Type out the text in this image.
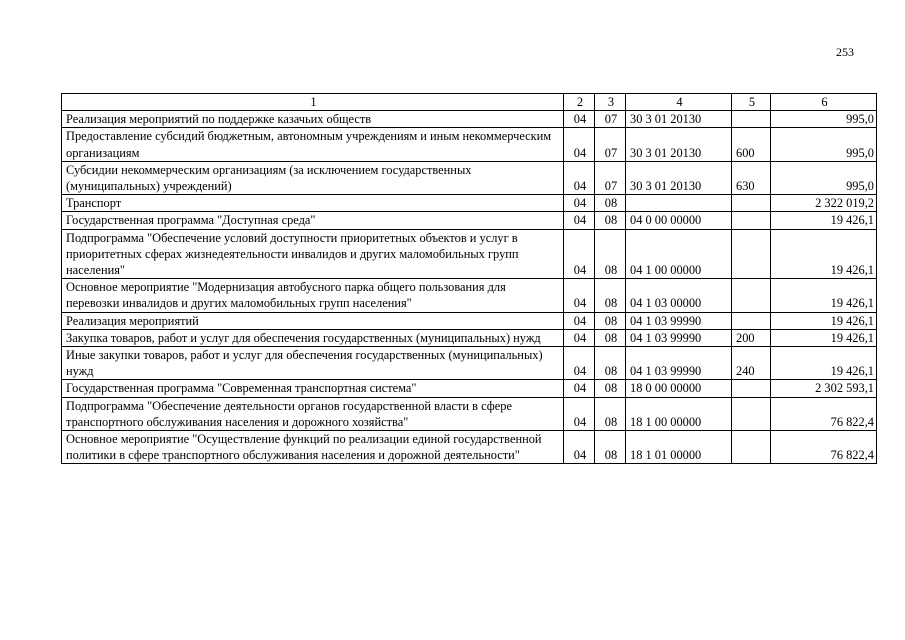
253
1	2	3	4	5	6
Реализация мероприятий по поддержке казачьих обществ	04	07	30 3 01 20130		995,0
Предоставление субсидий бюджетным, автономным учреждениям и иным некоммерческим организациям	04	07	30 3 01 20130	600	995,0
Субсидии некоммерческим организациям (за исключением государственных (муниципальных) учреждений)	04	07	30 3 01 20130	630	995,0
Транспорт	04	08			2 322 019,2
Государственная программа "Доступная среда"	04	08	04 0 00 00000		19 426,1
Подпрограмма "Обеспечение условий доступности приоритетных объектов и услуг в приоритетных сферах жизнедеятельности инвалидов и других маломобильных групп населения"	04	08	04 1 00 00000		19 426,1
Основное мероприятие "Модернизация автобусного парка общего пользования для перевозки инвалидов и других маломобильных групп населения"	04	08	04 1 03 00000		19 426,1
Реализация мероприятий	04	08	04 1 03 99990		19 426,1
Закупка товаров, работ и услуг для обеспечения государственных (муниципальных) нужд	04	08	04 1 03 99990	200	19 426,1
Иные закупки товаров, работ и услуг для обеспечения государственных (муниципальных) нужд	04	08	04 1 03 99990	240	19 426,1
Государственная программа "Современная транспортная система"	04	08	18 0 00 00000		2 302 593,1
Подпрограмма "Обеспечение деятельности органов государственной власти в сфере транспортного обслуживания населения и дорожного хозяйства"	04	08	18 1 00 00000		76 822,4
Основное мероприятие "Осуществление функций по реализации единой государственной политики в сфере транспортного обслуживания населения и дорожной деятельности"	04	08	18 1 01 00000		76 822,4
